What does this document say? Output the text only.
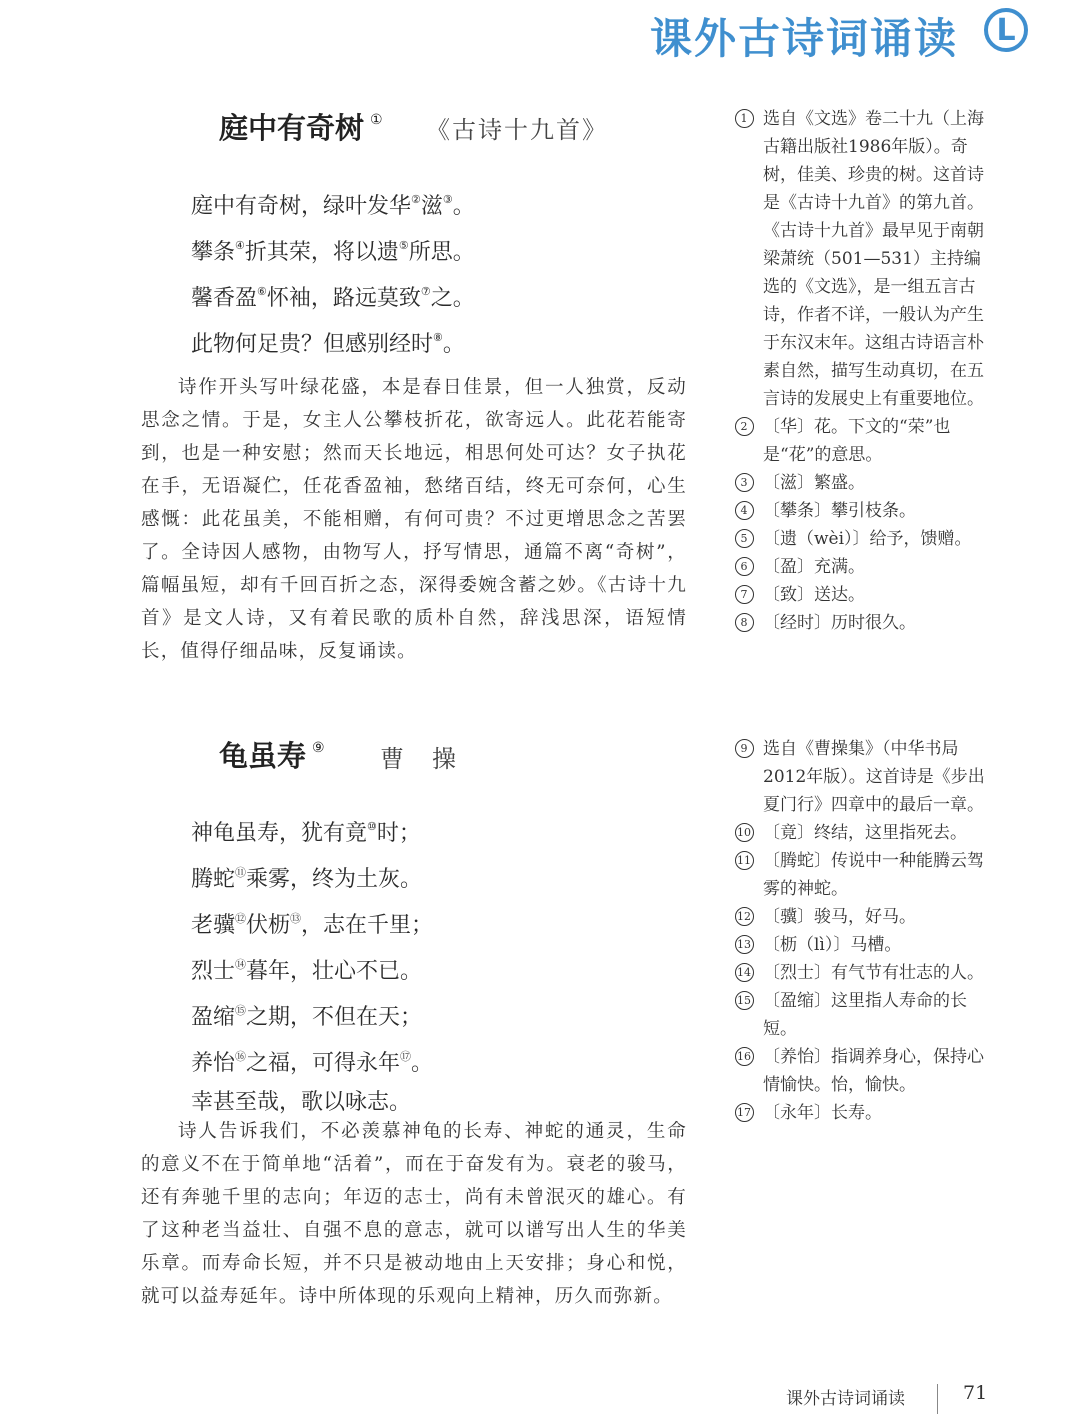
课外古诗词诵读	L
庭中有奇树 ① 《古诗十九首》
庭中有奇树，绿叶发华②滋③。
攀条④折其荣，将以遗⑤所思。
馨香盈⑥怀袖，路远莫致⑦之。
此物何足贵？但感别经时⑧。

诗作开头写叶绿花盛，本是春日佳景，但一人独赏，反动思念之情。于是，女主人公攀枝折花，欲寄远人。此花若能寄到，也是一种安慰；然而天长地远，相思何处可达？女子执花在手，无语凝伫，任花香盈袖，愁绪百结，终无可奈何，心生感慨：此花虽美，不能相赠，有何可贵？不过更增思念之苦罢了。全诗因人感物，由物写人，抒写情思，通篇不离“奇树”，篇幅虽短，却有千回百折之态，深得委婉含蓄之妙。《古诗十九首》是文人诗，又有着民歌的质朴自然，辞浅思深，语短情长，值得仔细品味，反复诵读。

龟虽寿 ⑨ 曹　操
神龟虽寿，犹有竟⑩时；
腾蛇⑪乘雾，终为土灰。
老骥⑫伏枥⑬，志在千里；
烈士⑭暮年，壮心不已。
盈缩⑮之期，不但在天；
养怡⑯之福，可得永年⑰。
幸甚至哉，歌以咏志。

诗人告诉我们，不必羡慕神龟的长寿、神蛇的通灵，生命的意义不在于简单地“活着”，而在于奋发有为。衰老的骏马，还有奔驰千里的志向；年迈的志士，尚有未曾泯灭的雄心。有了这种老当益壮、自强不息的意志，就可以谱写出人生的华美乐章。而寿命长短，并不只是被动地由上天安排；身心和悦，就可以益寿延年。诗中所体现的乐观向上精神，历久而弥新。

1 选自《文选》卷二十九（上海古籍出版社1986年版）。奇树，佳美、珍贵的树。这首诗是《古诗十九首》的第九首。《古诗十九首》最早见于南朝梁萧统（501—531）主持编选的《文选》，是一组五言古诗，作者不详，一般认为产生于东汉末年。这组古诗语言朴素自然，描写生动真切，在五言诗的发展史上有重要地位。
2 〔华〕花。下文的“荣”也是“花”的意思。
3 〔滋〕繁盛。
4 〔攀条〕攀引枝条。
5 〔遗（wèi）〕给予，馈赠。
6 〔盈〕充满。
7 〔致〕送达。
8 〔经时〕历时很久。
9 选自《曹操集》（中华书局2012年版）。这首诗是《步出夏门行》四章中的最后一章。
10 〔竟〕终结，这里指死去。
11 〔腾蛇〕传说中一种能腾云驾雾的神蛇。
12 〔骥〕骏马，好马。
13 〔枥（lì）〕马槽。
14 〔烈士〕有气节有壮志的人。
15 〔盈缩〕这里指人寿命的长短。
16 〔养怡〕指调养身心，保持心情愉快。怡，愉快。
17 〔永年〕长寿。
课外古诗词诵读	71
